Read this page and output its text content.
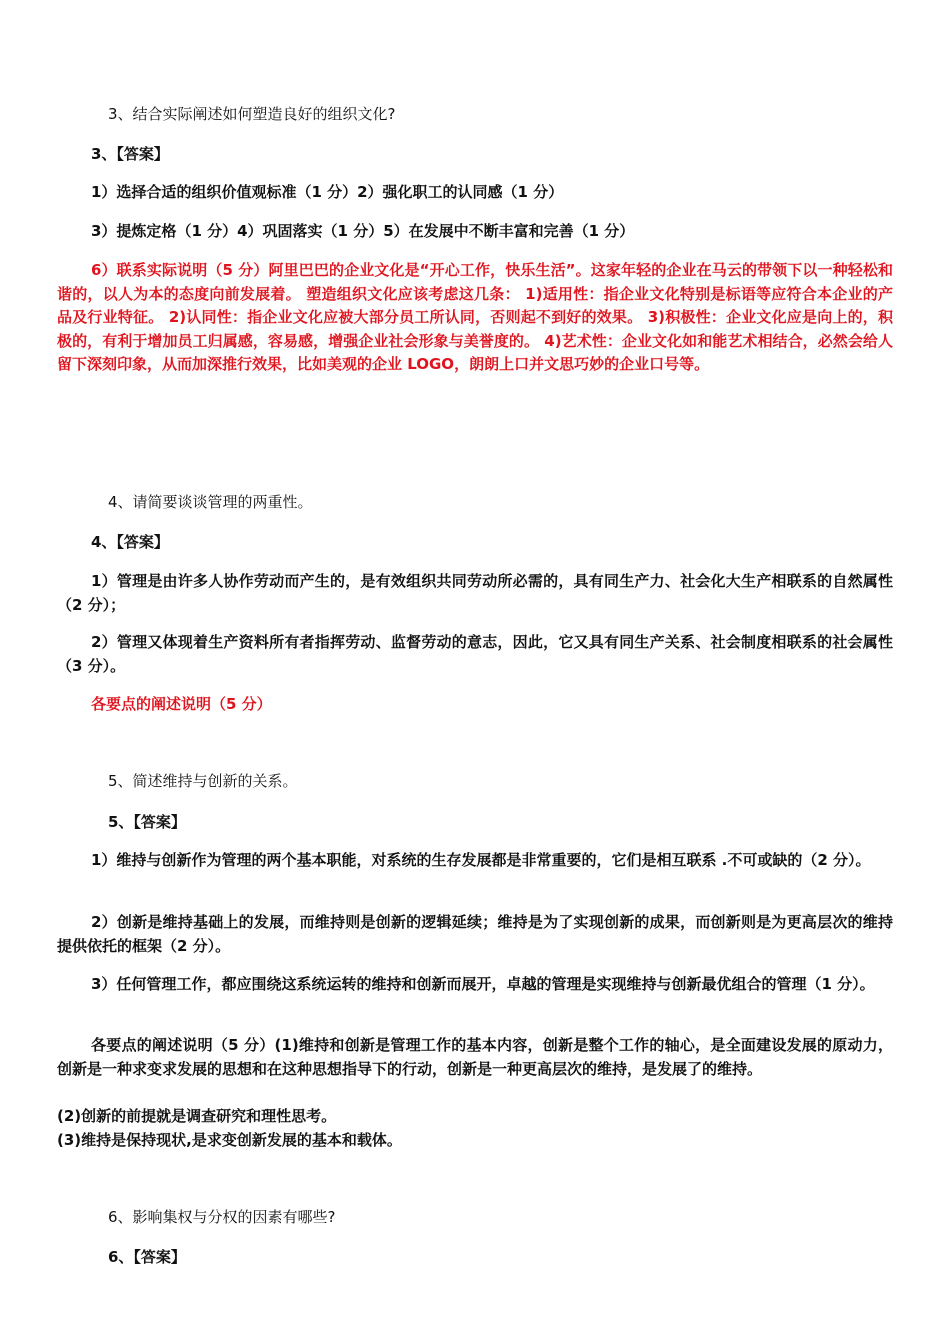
3、结合实际阐述如何塑造良好的组织文化?
3、【答案】
1）选择合适的组织价值观标准（1 分）2）强化职工的认同感（1 分）
3）提炼定格（1 分）4）巩固落实（1 分）5）在发展中不断丰富和完善（1 分）

6）联系实际说明（5 分）阿里巴巴的企业文化是“开心工作，快乐生活”。这家年轻的企业在马云的带领下以一种轻松和谐的，以人为本的态度向前发展着。 塑造组织文化应该考虑这几条： 1)适用性：指企业文化特别是标语等应符合本企业的产品及行业特征。 2)认同性：指企业文化应被大部分员工所认同，否则起不到好的效果。 3)积极性：企业文化应是向上的，积极的，有利于增加员工归属感，容易感，增强企业社会形象与美誉度的。 4)艺术性：企业文化如和能艺术相结合，必然会给人留下深刻印象，从而加深推行效果，比如美观的企业 LOGO，朗朗上口并文思巧妙的企业口号等。

4、请简要谈谈管理的两重性。
4、【答案】

1）管理是由许多人协作劳动而产生的，是有效组织共同劳动所必需的，具有同生产力、社会化大生产相联系的自然属性（2 分）；

2）管理又体现着生产资料所有者指挥劳动、监督劳动的意志，因此，它又具有同生产关系、社会制度相联系的社会属性（3 分）。

各要点的阐述说明（5 分）
5、简述维持与创新的关系。
5、【答案】

1）维持与创新作为管理的两个基本职能，对系统的生存发展都是非常重要的，它们是相互联系 .不可或缺的（2 分）。

2）创新是维持基础上的发展，而维持则是创新的逻辑延续；维持是为了实现创新的成果，而创新则是为更高层次的维持提供依托的框架（2 分）。

3）任何管理工作，都应围绕这系统运转的维持和创新而展开，卓越的管理是实现维持与创新最优组合的管理（1 分）。

各要点的阐述说明（5 分）(1)维持和创新是管理工作的基本内容，创新是整个工作的轴心，是全面建设发展的原动力，创新是一种求变求发展的思想和在这种思想指导下的行动，创新是一种更高层次的维持，是发展了的维持。

(2)创新的前提就是调查研究和理性思考。
(3)维持是保持现状,是求变创新发展的基本和载体。
6、影响集权与分权的因素有哪些?
6、【答案】
